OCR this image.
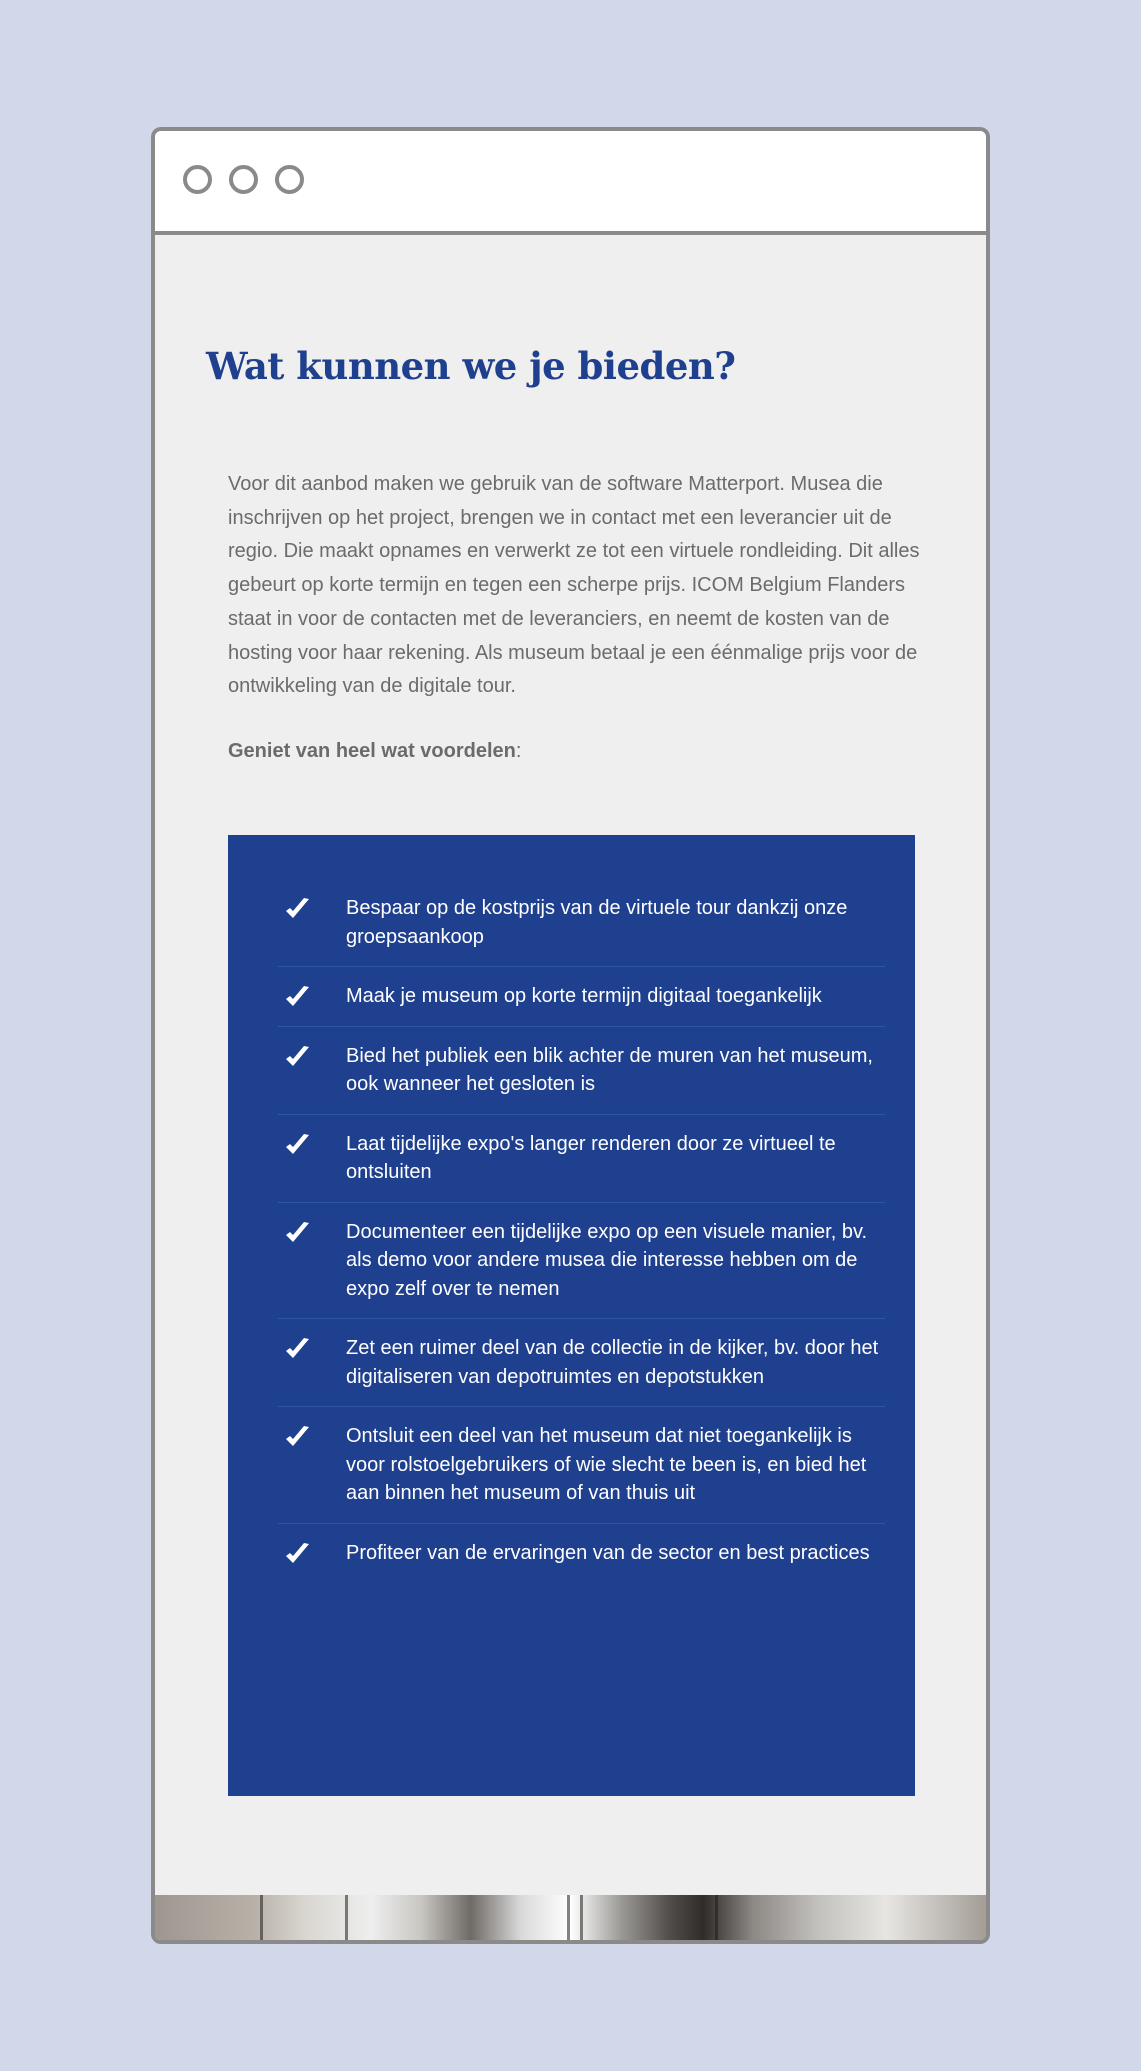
Wat kunnen we je bieden?

Voor dit aanbod maken we gebruik van de software Matterport. Musea die inschrijven op het project, brengen we in contact met een leverancier uit de regio. Die maakt opnames en verwerkt ze tot een virtuele rondleiding. Dit alles gebeurt op korte termijn en tegen een scherpe prijs. ICOM Belgium Flanders staat in voor de contacten met de leveranciers, en neemt de kosten van de hosting voor haar rekening. Als museum betaal je een éénmalige prijs voor de ontwikkeling van de digitale tour.

Geniet van heel wat voordelen:

Bespaar op de kostprijs van de virtuele tour dankzij onze groepsaankoop
Maak je museum op korte termijn digitaal toegankelijk
Bied het publiek een blik achter de muren van het museum, ook wanneer het gesloten is
Laat tijdelijke expo's langer renderen door ze virtueel te ontsluiten
Documenteer een tijdelijke expo op een visuele manier, bv. als demo voor andere musea die interesse hebben om de expo zelf over te nemen
Zet een ruimer deel van de collectie in de kijker, bv. door het digitaliseren van depotruimtes en depotstukken
Ontsluit een deel van het museum dat niet toegankelijk is voor rolstoelgebruikers of wie slecht te been is, en bied het aan binnen het museum of van thuis uit
Profiteer van de ervaringen van de sector en best practices
